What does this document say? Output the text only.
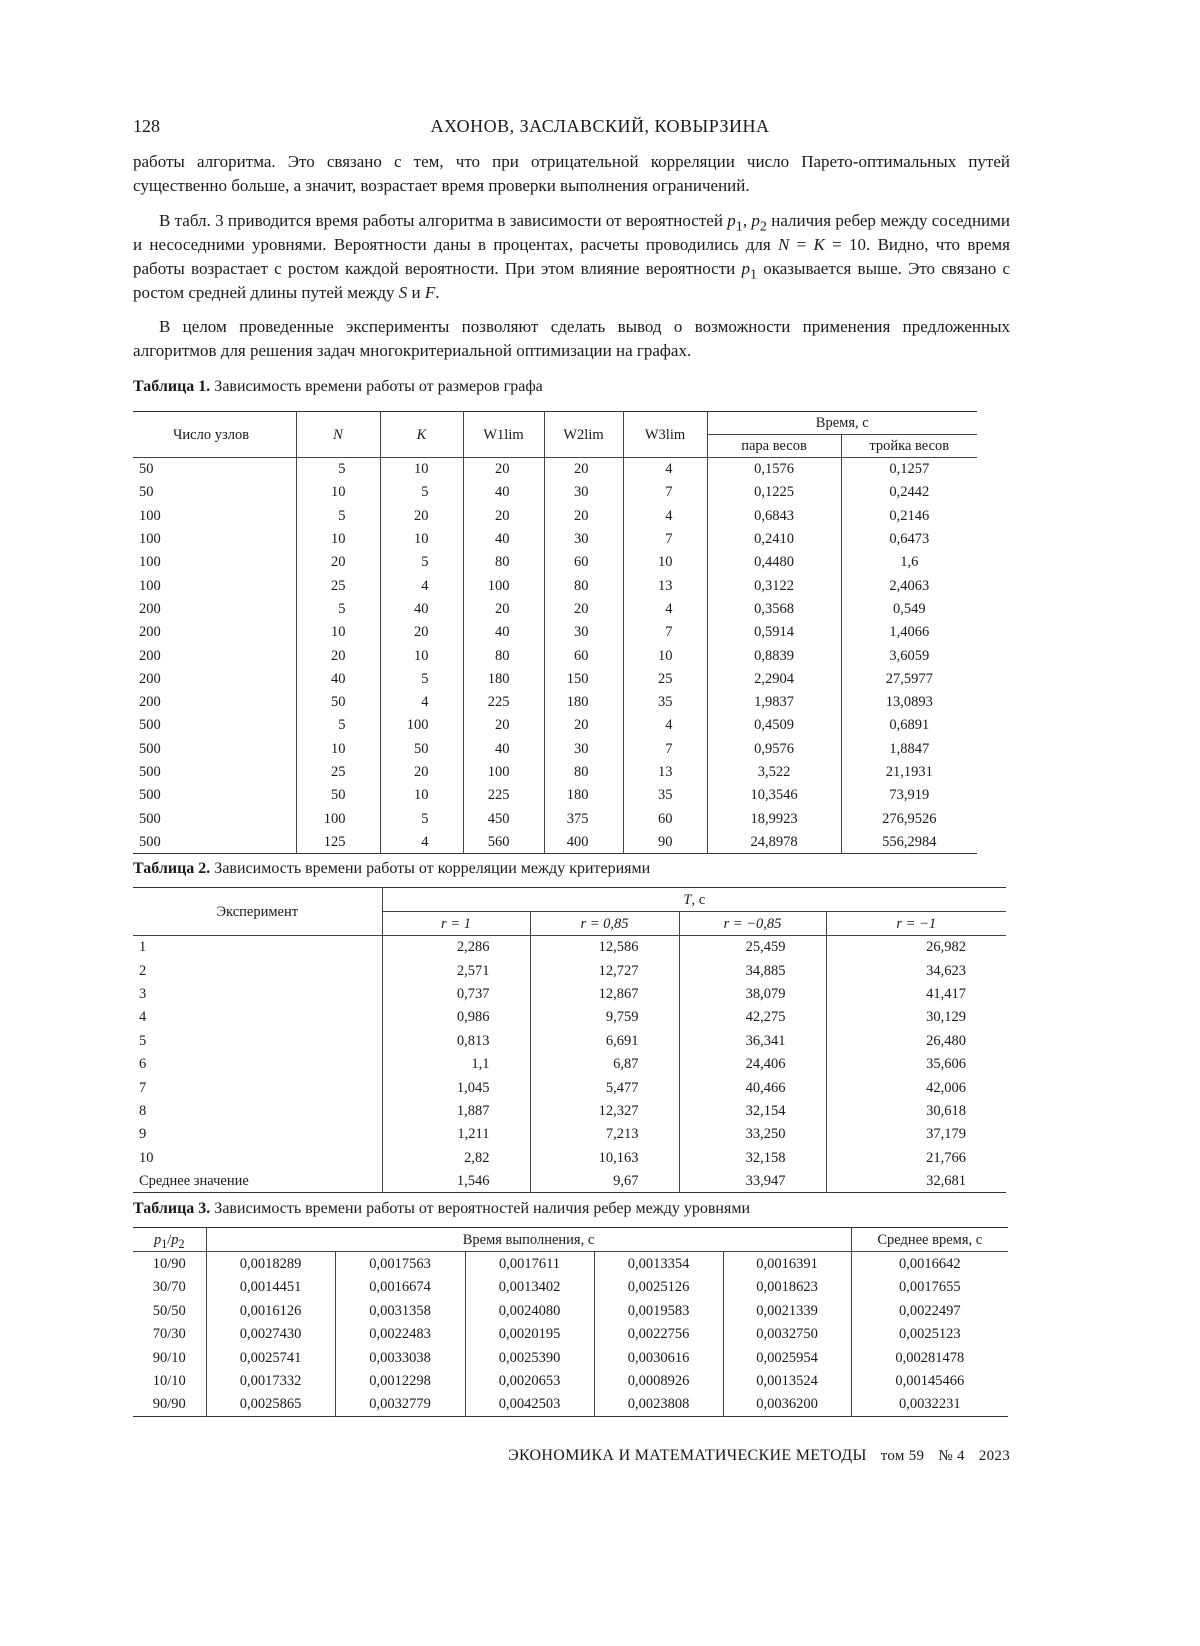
128	АХОНОВ, ЗАСЛАВСКИЙ, КОВЫРЗИНА

работы алгоритма. Это связано с тем, что при отрицательной корреляции число Парето-оптимальных путей существенно больше, а значит, возрастает время проверки выполнения ограничений.

В табл. 3 приводится время работы алгоритма в зависимости от вероятностей p1, p2 наличия ребер между соседними и несоседними уровнями. Вероятности даны в процентах, расчеты проводились для N = K = 10. Видно, что время работы возрастает с ростом каждой вероятности. При этом влияние вероятности p1 оказывается выше. Это связано с ростом средней длины путей между S и F.

В целом проведенные эксперименты позволяют сделать вывод о возможности применения предложенных алгоритмов для решения задач многокритериальной оптимизации на графах.

Таблица 1. Зависимость времени работы от размеров графа
Число узлов	N	K	W1lim	W2lim	W3lim	Время, с
пара весов	тройка весов
50	5	10	20	20	4	0,1576	0,1257
50	10	5	40	30	7	0,1225	0,2442
100	5	20	20	20	4	0,6843	0,2146
100	10	10	40	30	7	0,2410	0,6473
100	20	5	80	60	10	0,4480	1,6
100	25	4	100	80	13	0,3122	2,4063
200	5	40	20	20	4	0,3568	0,549
200	10	20	40	30	7	0,5914	1,4066
200	20	10	80	60	10	0,8839	3,6059
200	40	5	180	150	25	2,2904	27,5977
200	50	4	225	180	35	1,9837	13,0893
500	5	100	20	20	4	0,4509	0,6891
500	10	50	40	30	7	0,9576	1,8847
500	25	20	100	80	13	3,522	21,1931
500	50	10	225	180	35	10,3546	73,919
500	100	5	450	375	60	18,9923	276,9526
500	125	4	560	400	90	24,8978	556,2984
Таблица 2. Зависимость времени работы от корреляции между критериями
Эксперимент	T, с
r = 1	r = 0,85	r = −0,85	r = −1
1	2,286	12,586	25,459	26,982
2	2,571	12,727	34,885	34,623
3	0,737	12,867	38,079	41,417
4	0,986	9,759	42,275	30,129
5	0,813	6,691	36,341	26,480
6	1,1	6,87	24,406	35,606
7	1,045	5,477	40,466	42,006
8	1,887	12,327	32,154	30,618
9	1,211	7,213	33,250	37,179
10	2,82	10,163	32,158	21,766
Среднее значение	1,546	9,67	33,947	32,681
Таблица 3. Зависимость времени работы от вероятностей наличия ребер между уровнями
p1/p2	Время выполнения, с	Среднее время, с
10/90	0,0018289	0,0017563	0,0017611	0,0013354	0,0016391	0,0016642
30/70	0,0014451	0,0016674	0,0013402	0,0025126	0,0018623	0,0017655
50/50	0,0016126	0,0031358	0,0024080	0,0019583	0,0021339	0,0022497
70/30	0,0027430	0,0022483	0,0020195	0,0022756	0,0032750	0,0025123
90/10	0,0025741	0,0033038	0,0025390	0,0030616	0,0025954	0,00281478
10/10	0,0017332	0,0012298	0,0020653	0,0008926	0,0013524	0,00145466
90/90	0,0025865	0,0032779	0,0042503	0,0023808	0,0036200	0,0032231
ЭКОНОМИКА И МАТЕМАТИЧЕСКИЕ МЕТОДЫ том 59 № 4 2023
